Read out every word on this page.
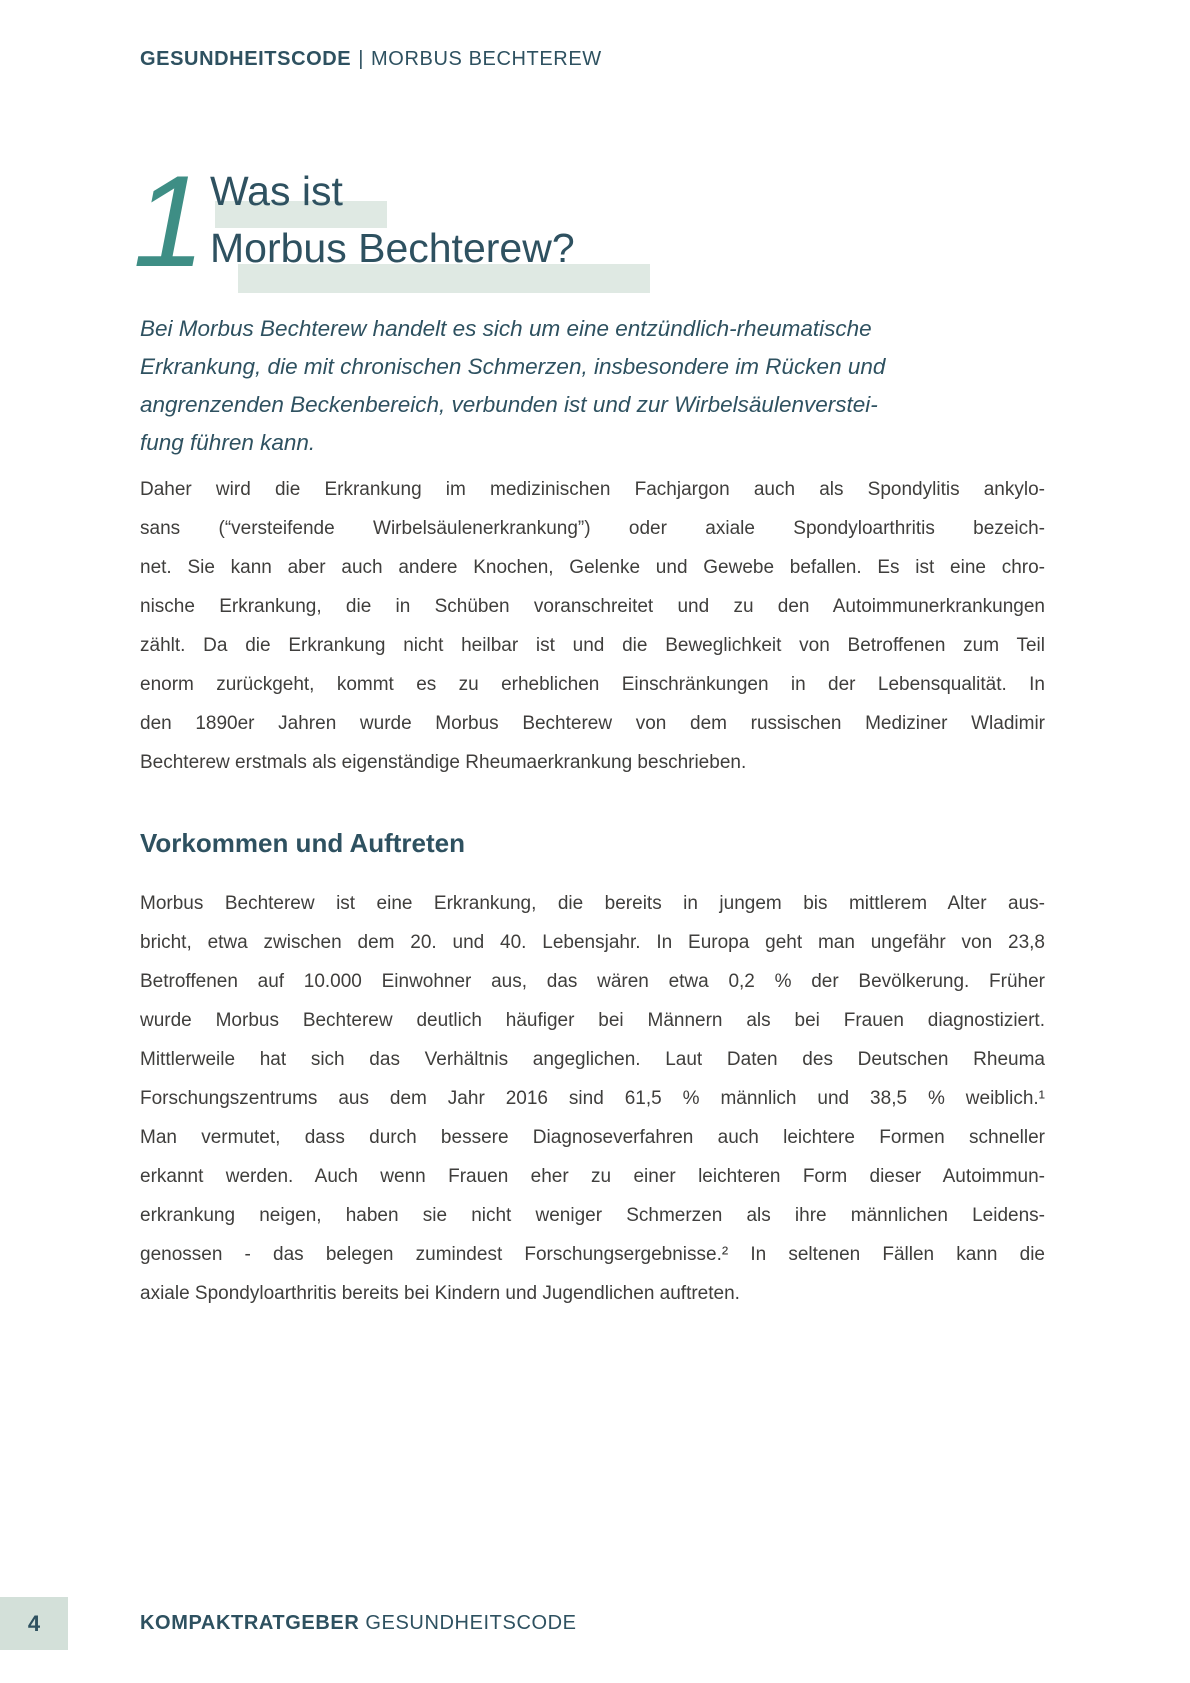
GESUNDHEITSCODE | MORBUS BECHTEREW
1 Was ist
Morbus Bechterew?
Bei Morbus Bechterew handelt es sich um eine entzündlich-rheumatische
Erkrankung, die mit chronischen Schmerzen, insbesondere im Rücken und
angrenzenden Beckenbereich, verbunden ist und zur Wirbelsäulenverstei-
fung führen kann.
Daher wird die Erkrankung im medizinischen Fachjargon auch als Spondylitis ankylo-
sans (“versteifende Wirbelsäulenerkrankung”) oder axiale Spondyloarthritis bezeich-
net. Sie kann aber auch andere Knochen, Gelenke und Gewebe befallen. Es ist eine chro-
nische Erkrankung, die in Schüben voranschreitet und zu den Autoimmunerkrankungen
zählt. Da die Erkrankung nicht heilbar ist und die Beweglichkeit von Betroffenen zum Teil
enorm zurückgeht, kommt es zu erheblichen Einschränkungen in der Lebensqualität. In
den 1890er Jahren wurde Morbus Bechterew von dem russischen Mediziner Wladimir
Bechterew erstmals als eigenständige Rheumaerkrankung beschrieben.
Vorkommen und Auftreten
Morbus Bechterew ist eine Erkrankung, die bereits in jungem bis mittlerem Alter aus-
bricht, etwa zwischen dem 20. und 40. Lebensjahr. In Europa geht man ungefähr von 23,8
Betroffenen auf 10.000 Einwohner aus, das wären etwa 0,2 % der Bevölkerung. Früher
wurde Morbus Bechterew deutlich häufiger bei Männern als bei Frauen diagnostiziert.
Mittlerweile hat sich das Verhältnis angeglichen. Laut Daten des Deutschen Rheuma
Forschungszentrums aus dem Jahr 2016 sind 61,5 % männlich und 38,5 % weiblich.¹
Man vermutet, dass durch bessere Diagnoseverfahren auch leichtere Formen schneller
erkannt werden. Auch wenn Frauen eher zu einer leichteren Form dieser Autoimmun-
erkrankung neigen, haben sie nicht weniger Schmerzen als ihre männlichen Leidens-
genossen - das belegen zumindest Forschungsergebnisse.² In seltenen Fällen kann die
axiale Spondyloarthritis bereits bei Kindern und Jugendlichen auftreten.
4	KOMPAKTRATGEBER GESUNDHEITSCODE
